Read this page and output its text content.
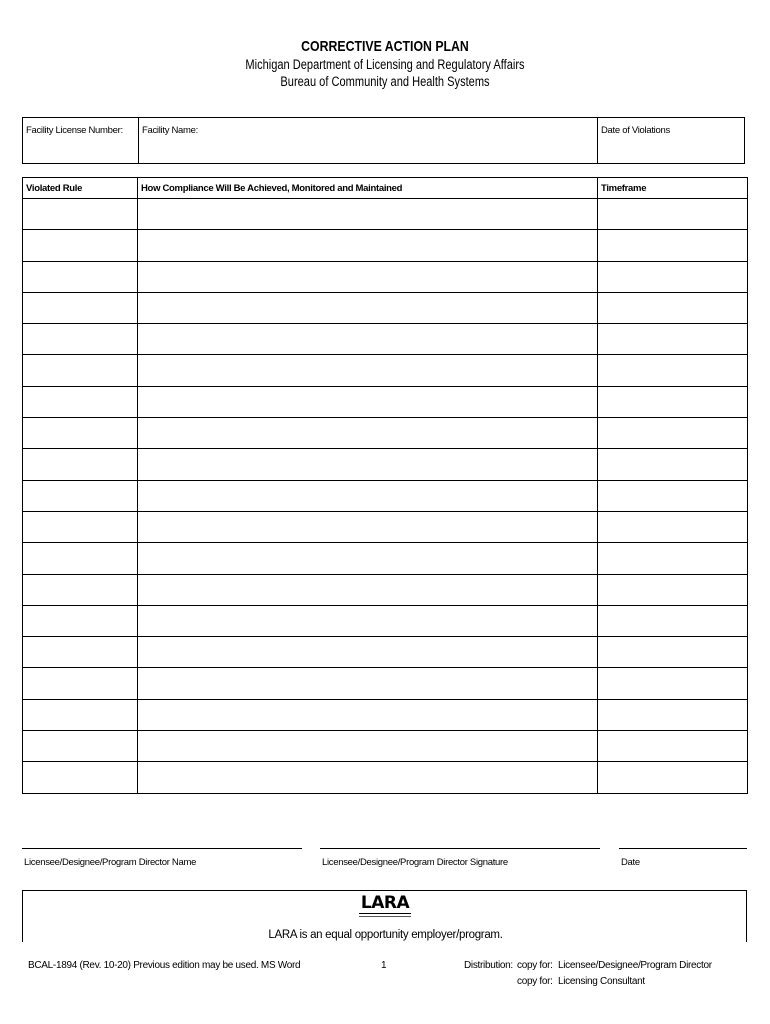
CORRECTIVE ACTION PLAN
Michigan Department of Licensing and Regulatory Affairs
Bureau of Community and Health Systems
Facility License Number:	Facility Name:	Date of Violations
Violated Rule	How Compliance Will Be Achieved, Monitored and Maintained	Timeframe

Licensee/Designee/Program Director Name	Licensee/Designee/Program Director Signature	Date
LARA
LARA is an equal opportunity employer/program.
BCAL-1894 (Rev. 10-20) Previous edition may be used. MS Word	1	Distribution: copy for: Licensee/Designee/Program Director
copy for: Licensing Consultant
